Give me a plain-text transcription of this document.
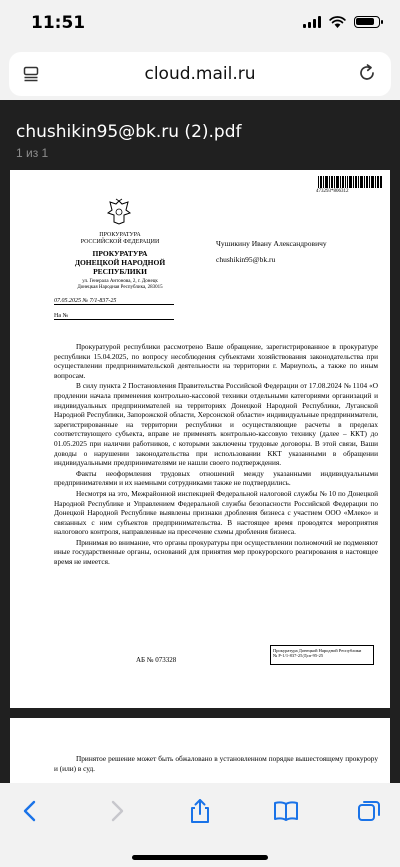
11:51
cloud.mail.ru
chushikin95@bk.ru (2).pdf
1 из 1
473293*806312
ПРОКУРАТУРА
РОССИЙСКОЙ ФЕДЕРАЦИИ
ПРОКУРАТУРА
ДОНЕЦКОЙ НАРОДНОЙ
РЕСПУБЛИКИ
ул. Генерала Антонова, 2, г. Донецк
Донецкая Народная Республика, 283015
07.05.2025 № 7/1-837-25
На №
Чушикину Ивану Александровичу
chushikin95@bk.ru

Прокуратурой республики рассмотрено Ваше обращение, зарегистрированное в прокуратуре республики 15.04.2025, по вопросу несоблюдения субъектами хозяйствования законодательства при осуществлении предпринимательской деятельности на территории г. Мариуполь, а также по иным вопросам.

В силу пункта 2 Постановления Правительства Российской Федерации от 17.08.2024 № 1104 «О продлении начала применения контрольно-кассовой техники отдельными категориями организаций и индивидуальных предпринимателей на территориях Донецкой Народной Республики, Луганской Народной Республики, Запорожской области, Херсонской области» индивидуальные предприниматели, зарегистрированные на территории республики и осуществляющие расчеты в пределах соответствующего субъекта, вправе не применять контрольно-кассовую технику (далее – ККТ) до 01.05.2025 при наличии работников, с которыми заключены трудовые договоры. В этой связи, Ваши доводы о нарушении законодательства при использовании ККТ указанными в обращении индивидуальными предпринимателями не нашли своего подтверждения.

Факты неоформления трудовых отношений между указанными индивидуальными предпринимателями и их наемными сотрудниками также не подтвердились.

Несмотря на это, Межрайонной инспекцией Федеральной налоговой службы № 10 по Донецкой Народной Республике и Управлением Федеральной службы безопасности Российской Федерации по Донецкой Народной Республике выявлены признаки дробления бизнеса с участием ООО «Млеко» и связанных с ним субъектов предпринимательства. В настоящее время проводятся мероприятия налогового контроля, направленные на пресечение схемы дробления бизнеса.

Принимая во внимание, что органы прокуратуры при осуществлении полномочий не подменяют иные государственные органы, оснований для принятия мер прокурорского реагирования в настоящее время не имеется.

АБ № 073328
Прокуратура Донецкой Народной Республики
№ Р-1/1-837-25/Дсп-95-25
Принятое решение может быть обжаловано в установленном порядке вышестоящему прокурору и (или) в суд.
